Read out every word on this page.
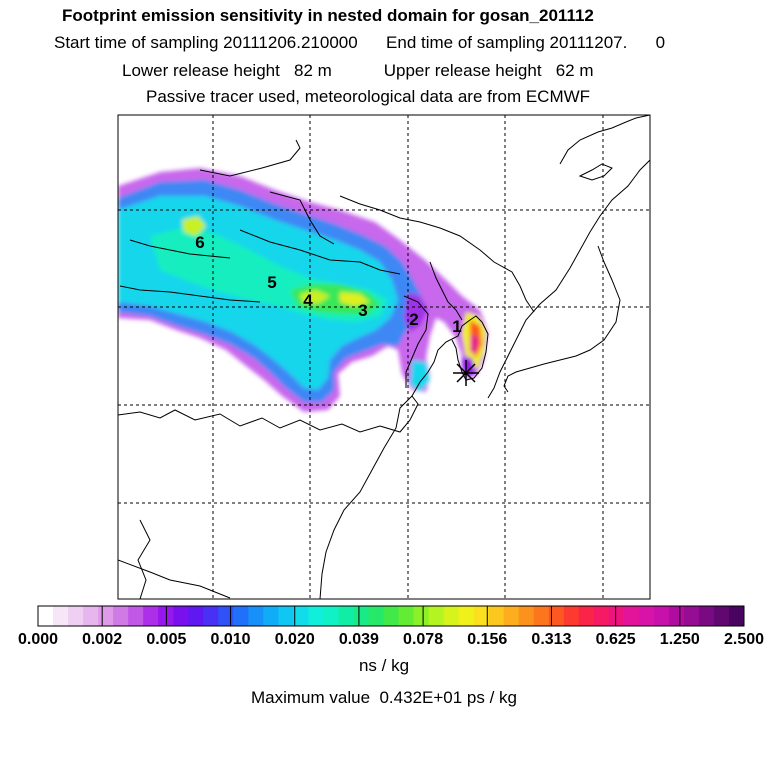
Footprint emission sensitivity in nested domain for gosan_201112
Start time of sampling 20111206.210000      End time of sampling 20111207.      0
Lower release height   82 m           Upper release height   62 m
Passive tracer used, meteorological data are from ECMWF
1
2
3
4
5
6
0.000 0.002 0.005 0.010 0.020 0.039 0.078 0.156 0.313 0.625 1.250 2.500
ns / kg
Maximum value  0.432E+01 ps / kg
